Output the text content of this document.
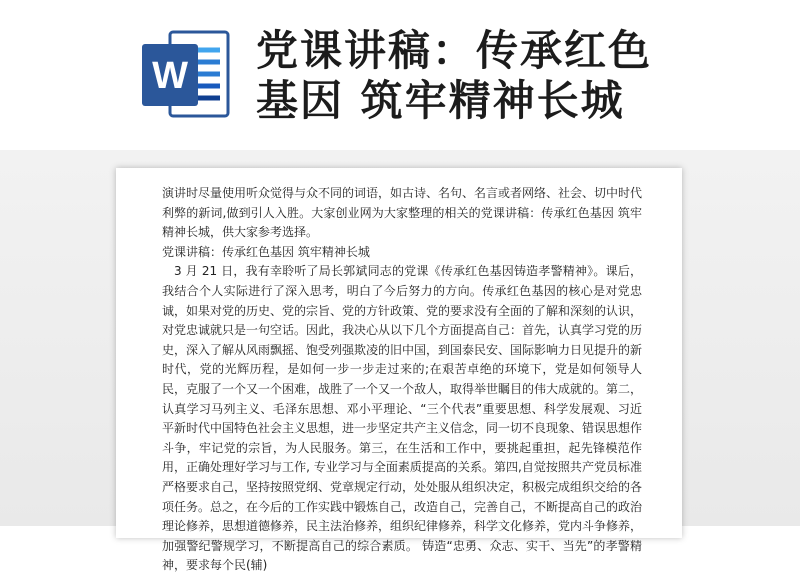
W
党课讲稿：传承红色
基因 筑牢精神长城

演讲时尽量使用听众觉得与众不同的词语，如古诗、名句、名言或者网络、社会、切中时代利弊的新词,做到引人入胜。大家创业网为大家整理的相关的党课讲稿：传承红色基因 筑牢精神长城，供大家参考选择。

党课讲稿：传承红色基因 筑牢精神长城

3 月 21 日，我有幸聆听了局长郭斌同志的党课《传承红色基因铸造孝警精神》。课后，我结合个人实际进行了深入思考，明白了今后努力的方向。传承红色基因的核心是对党忠诚，如果对党的历史、党的宗旨、党的方针政策、党的要求没有全面的了解和深刻的认识，对党忠诚就只是一句空话。因此，我决心从以下几个方面提高自己：首先，认真学习党的历史，深入了解从风雨飘摇、饱受列强欺凌的旧中国，到国泰民安、国际影响力日见提升的新时代，党的光辉历程，是如何一步一步走过来的;在艰苦卓绝的环境下，党是如何领导人民，克服了一个又一个困难，战胜了一个又一个敌人，取得举世瞩目的伟大成就的。第二，认真学习马列主义、毛泽东思想、邓小平理论、“三个代表”重要思想、科学发展观、习近平新时代中国特色社会主义思想，进一步坚定共产主义信念，同一切不良现象、错误思想作斗争，牢记党的宗旨，为人民服务。第三，在生活和工作中，要挑起重担，起先锋模范作用，正确处理好学习与工作, 专业学习与全面素质提高的关系。第四,自觉按照共产党员标准严格要求自己，坚持按照党纲、党章规定行动，处处服从组织决定，积极完成组织交给的各项任务。总之，在今后的工作实践中锻炼自己，改造自己，完善自己，不断提高自己的政治理论修养，思想道德修养，民主法治修养，组织纪律修养，科学文化修养，党内斗争修养，加强警纪警规学习，不断提高自己的综合素质。 铸造“忠勇、众志、实干、当先”的孝警精神，要求每个民(辅)
